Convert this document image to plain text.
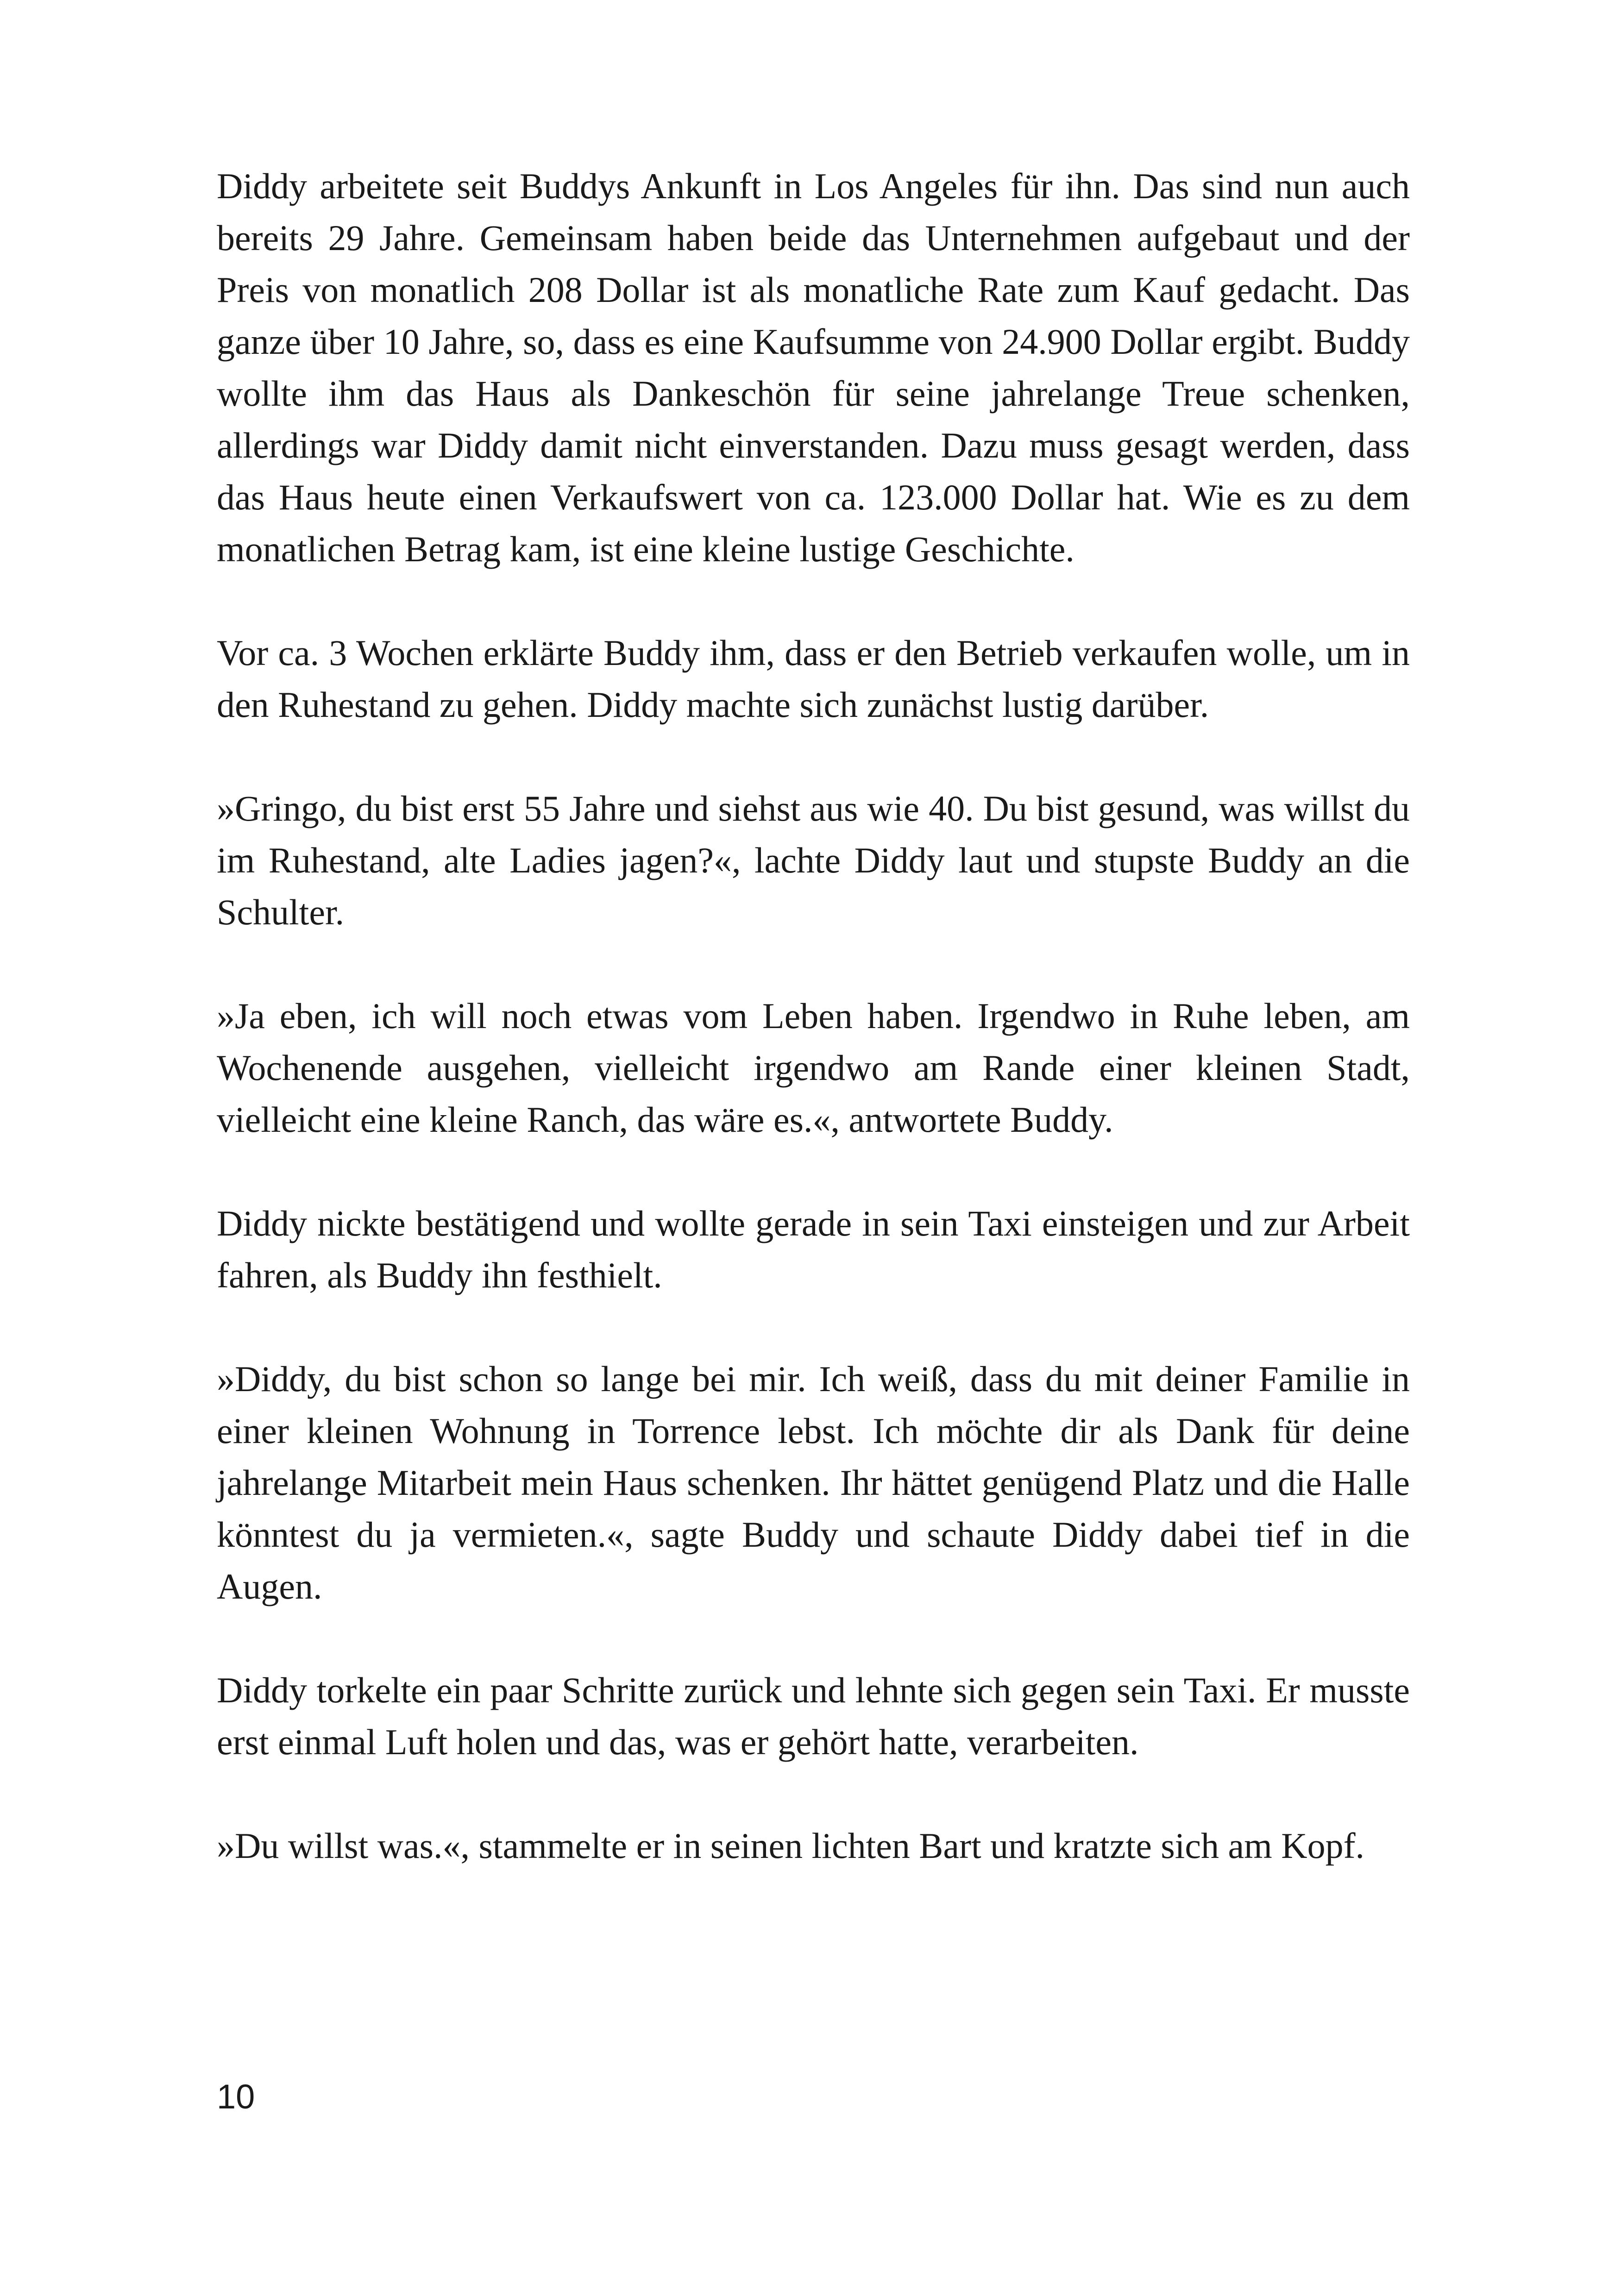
Diddy arbeitete seit Buddys Ankunft in Los Angeles für ihn. Das sind nun auch bereits 29 Jahre. Gemeinsam haben beide das Unternehmen aufgebaut und der Preis von monatlich 208 Dollar ist als monatliche Rate zum Kauf gedacht. Das ganze über 10 Jahre, so, dass es eine Kaufsumme von 24.900 Dollar ergibt. Buddy wollte ihm das Haus als Dankeschön für seine jahrelange Treue schenken, allerdings war Diddy damit nicht einverstanden. Dazu muss gesagt werden, dass das Haus heute einen Verkaufswert von ca. 123.000 Dollar hat. Wie es zu dem monatlichen Betrag kam, ist eine kleine lustige Geschichte.

Vor ca. 3 Wochen erklärte Buddy ihm, dass er den Betrieb verkaufen wolle, um in den Ruhestand zu gehen. Diddy machte sich zunächst lustig darüber.

»Gringo, du bist erst 55 Jahre und siehst aus wie 40. Du bist gesund, was willst du im Ruhestand, alte Ladies jagen?«, lachte Diddy laut und stupste Buddy an die Schulter.

»Ja eben, ich will noch etwas vom Leben haben. Irgendwo in Ruhe leben, am Wochenende ausgehen, vielleicht irgendwo am Rande einer kleinen Stadt, vielleicht eine kleine Ranch, das wäre es.«, antwortete Buddy.

Diddy nickte bestätigend und wollte gerade in sein Taxi einsteigen und zur Arbeit fahren, als Buddy ihn festhielt.

»Diddy, du bist schon so lange bei mir. Ich weiß, dass du mit deiner Familie in einer kleinen Wohnung in Torrence lebst. Ich möchte dir als Dank für deine jahrelange Mitarbeit mein Haus schenken. Ihr hättet genügend Platz und die Halle könntest du ja vermieten.«, sagte Buddy und schaute Diddy dabei tief in die Augen.

Diddy torkelte ein paar Schritte zurück und lehnte sich gegen sein Taxi. Er musste erst einmal Luft holen und das, was er gehört hatte, verarbeiten.

»Du willst was.«, stammelte er in seinen lichten Bart und kratzte sich am Kopf.

10
